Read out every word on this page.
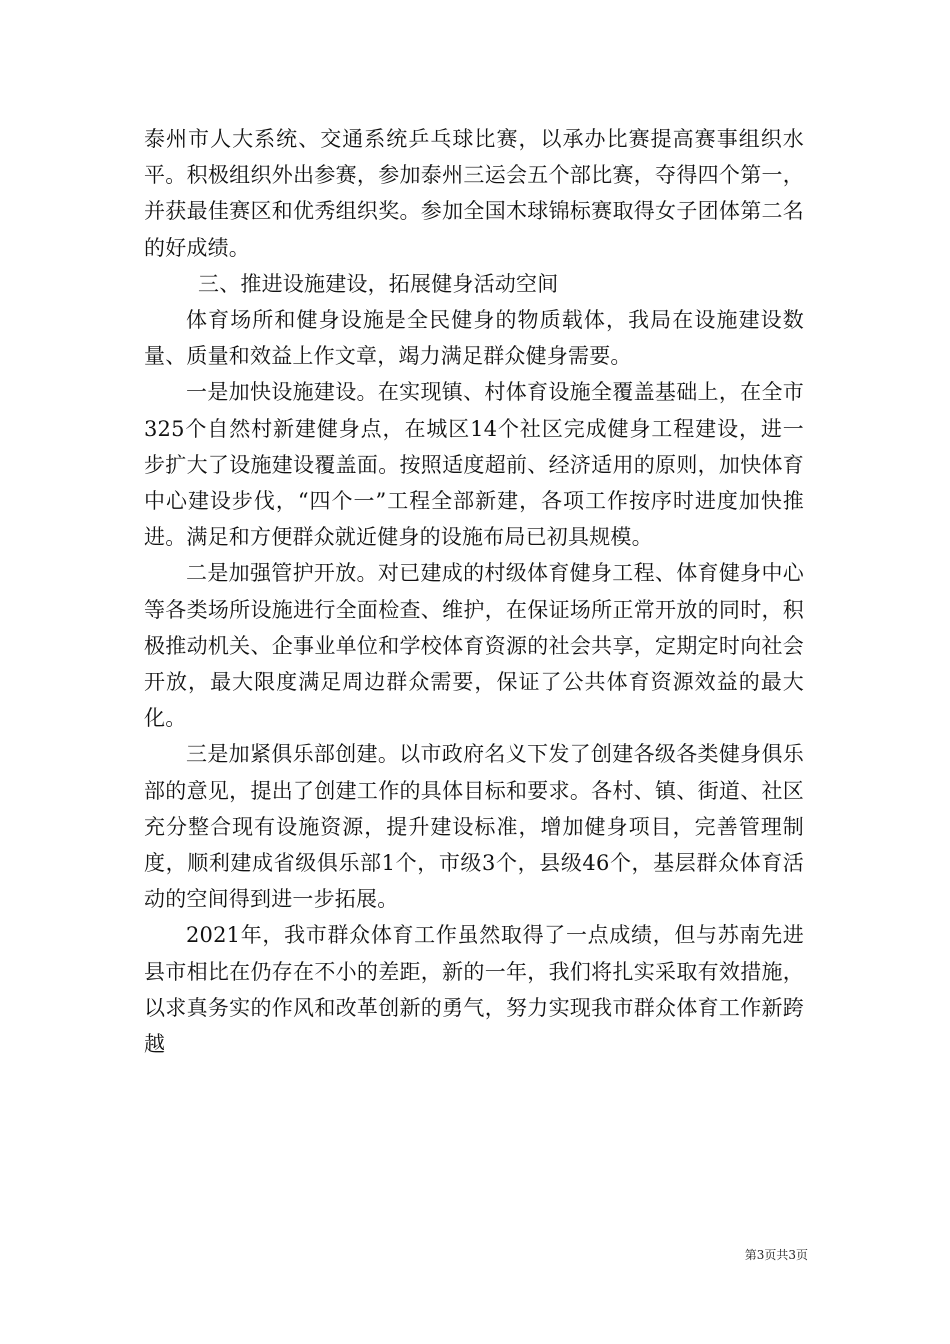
泰州市人大系统、交通系统乒乓球比赛，以承办比赛提高赛事组织水平。积极组织外出参赛，参加泰州三运会五个部比赛，夺得四个第一，并获最佳赛区和优秀组织奖。参加全国木球锦标赛取得女子团体第二名的好成绩。

三、推进设施建设，拓展健身活动空间

体育场所和健身设施是全民健身的物质载体，我局在设施建设数量、质量和效益上作文章，竭力满足群众健身需要。

一是加快设施建设。在实现镇、村体育设施全覆盖基础上，在全市325个自然村新建健身点，在城区14个社区完成健身工程建设，进一步扩大了设施建设覆盖面。按照适度超前、经济适用的原则，加快体育中心建设步伐，“四个一”工程全部新建，各项工作按序时进度加快推进。满足和方便群众就近健身的设施布局已初具规模。

二是加强管护开放。对已建成的村级体育健身工程、体育健身中心等各类场所设施进行全面检查、维护，在保证场所正常开放的同时，积极推动机关、企事业单位和学校体育资源的社会共享，定期定时向社会开放，最大限度满足周边群众需要，保证了公共体育资源效益的最大化。

三是加紧俱乐部创建。以市政府名义下发了创建各级各类健身俱乐部的意见，提出了创建工作的具体目标和要求。各村、镇、街道、社区充分整合现有设施资源，提升建设标准，增加健身项目，完善管理制度，顺利建成省级俱乐部1个，市级3个，县级46个，基层群众体育活动的空间得到进一步拓展。

2021年，我市群众体育工作虽然取得了一点成绩，但与苏南先进县市相比在仍存在不小的差距，新的一年，我们将扎实采取有效措施，以求真务实的作风和改革创新的勇气，努力实现我市群众体育工作新跨越

第3页共3页
